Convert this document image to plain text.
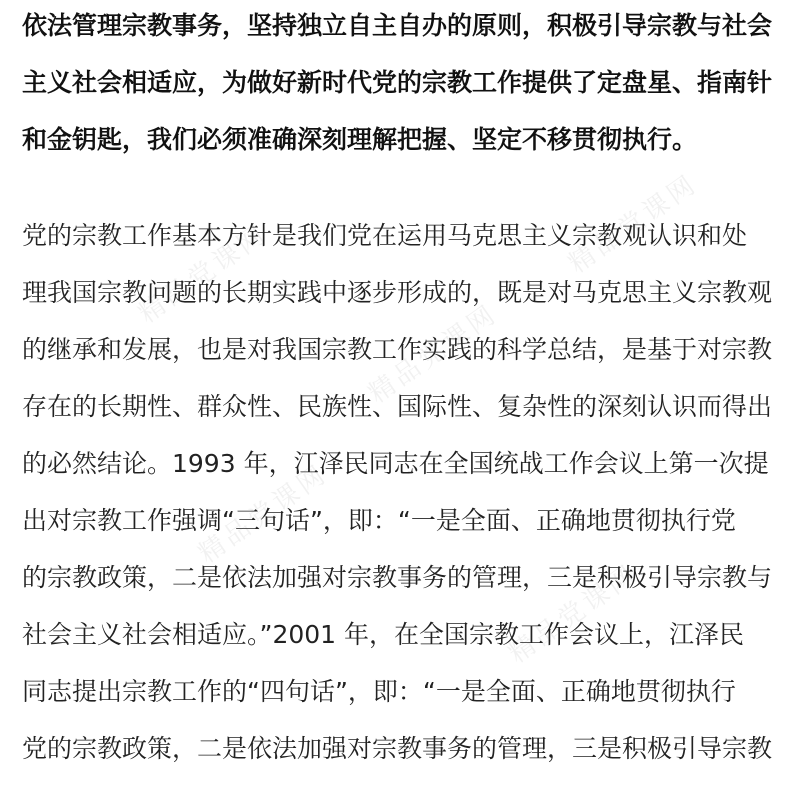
精品党课网
精品党课网
精品党课网
精品党课网
精品党课网
依法管理宗教事务，坚持独立自主自办的原则，积极引导宗教与社会
主义社会相适应，为做好新时代党的宗教工作提供了定盘星、指南针
和金钥匙，我们必须准确深刻理解把握、坚定不移贯彻执行。
党的宗教工作基本方针是我们党在运用马克思主义宗教观认识和处
理我国宗教问题的长期实践中逐步形成的，既是对马克思主义宗教观
的继承和发展，也是对我国宗教工作实践的科学总结，是基于对宗教
存在的长期性、群众性、民族性、国际性、复杂性的深刻认识而得出
的必然结论。1993 年，江泽民同志在全国统战工作会议上第一次提
出对宗教工作强调“三句话”，即：“一是全面、正确地贯彻执行党
的宗教政策，二是依法加强对宗教事务的管理，三是积极引导宗教与
社会主义社会相适应。”2001 年，在全国宗教工作会议上，江泽民
同志提出宗教工作的“四句话”，即：“一是全面、正确地贯彻执行
党的宗教政策，二是依法加强对宗教事务的管理，三是积极引导宗教
